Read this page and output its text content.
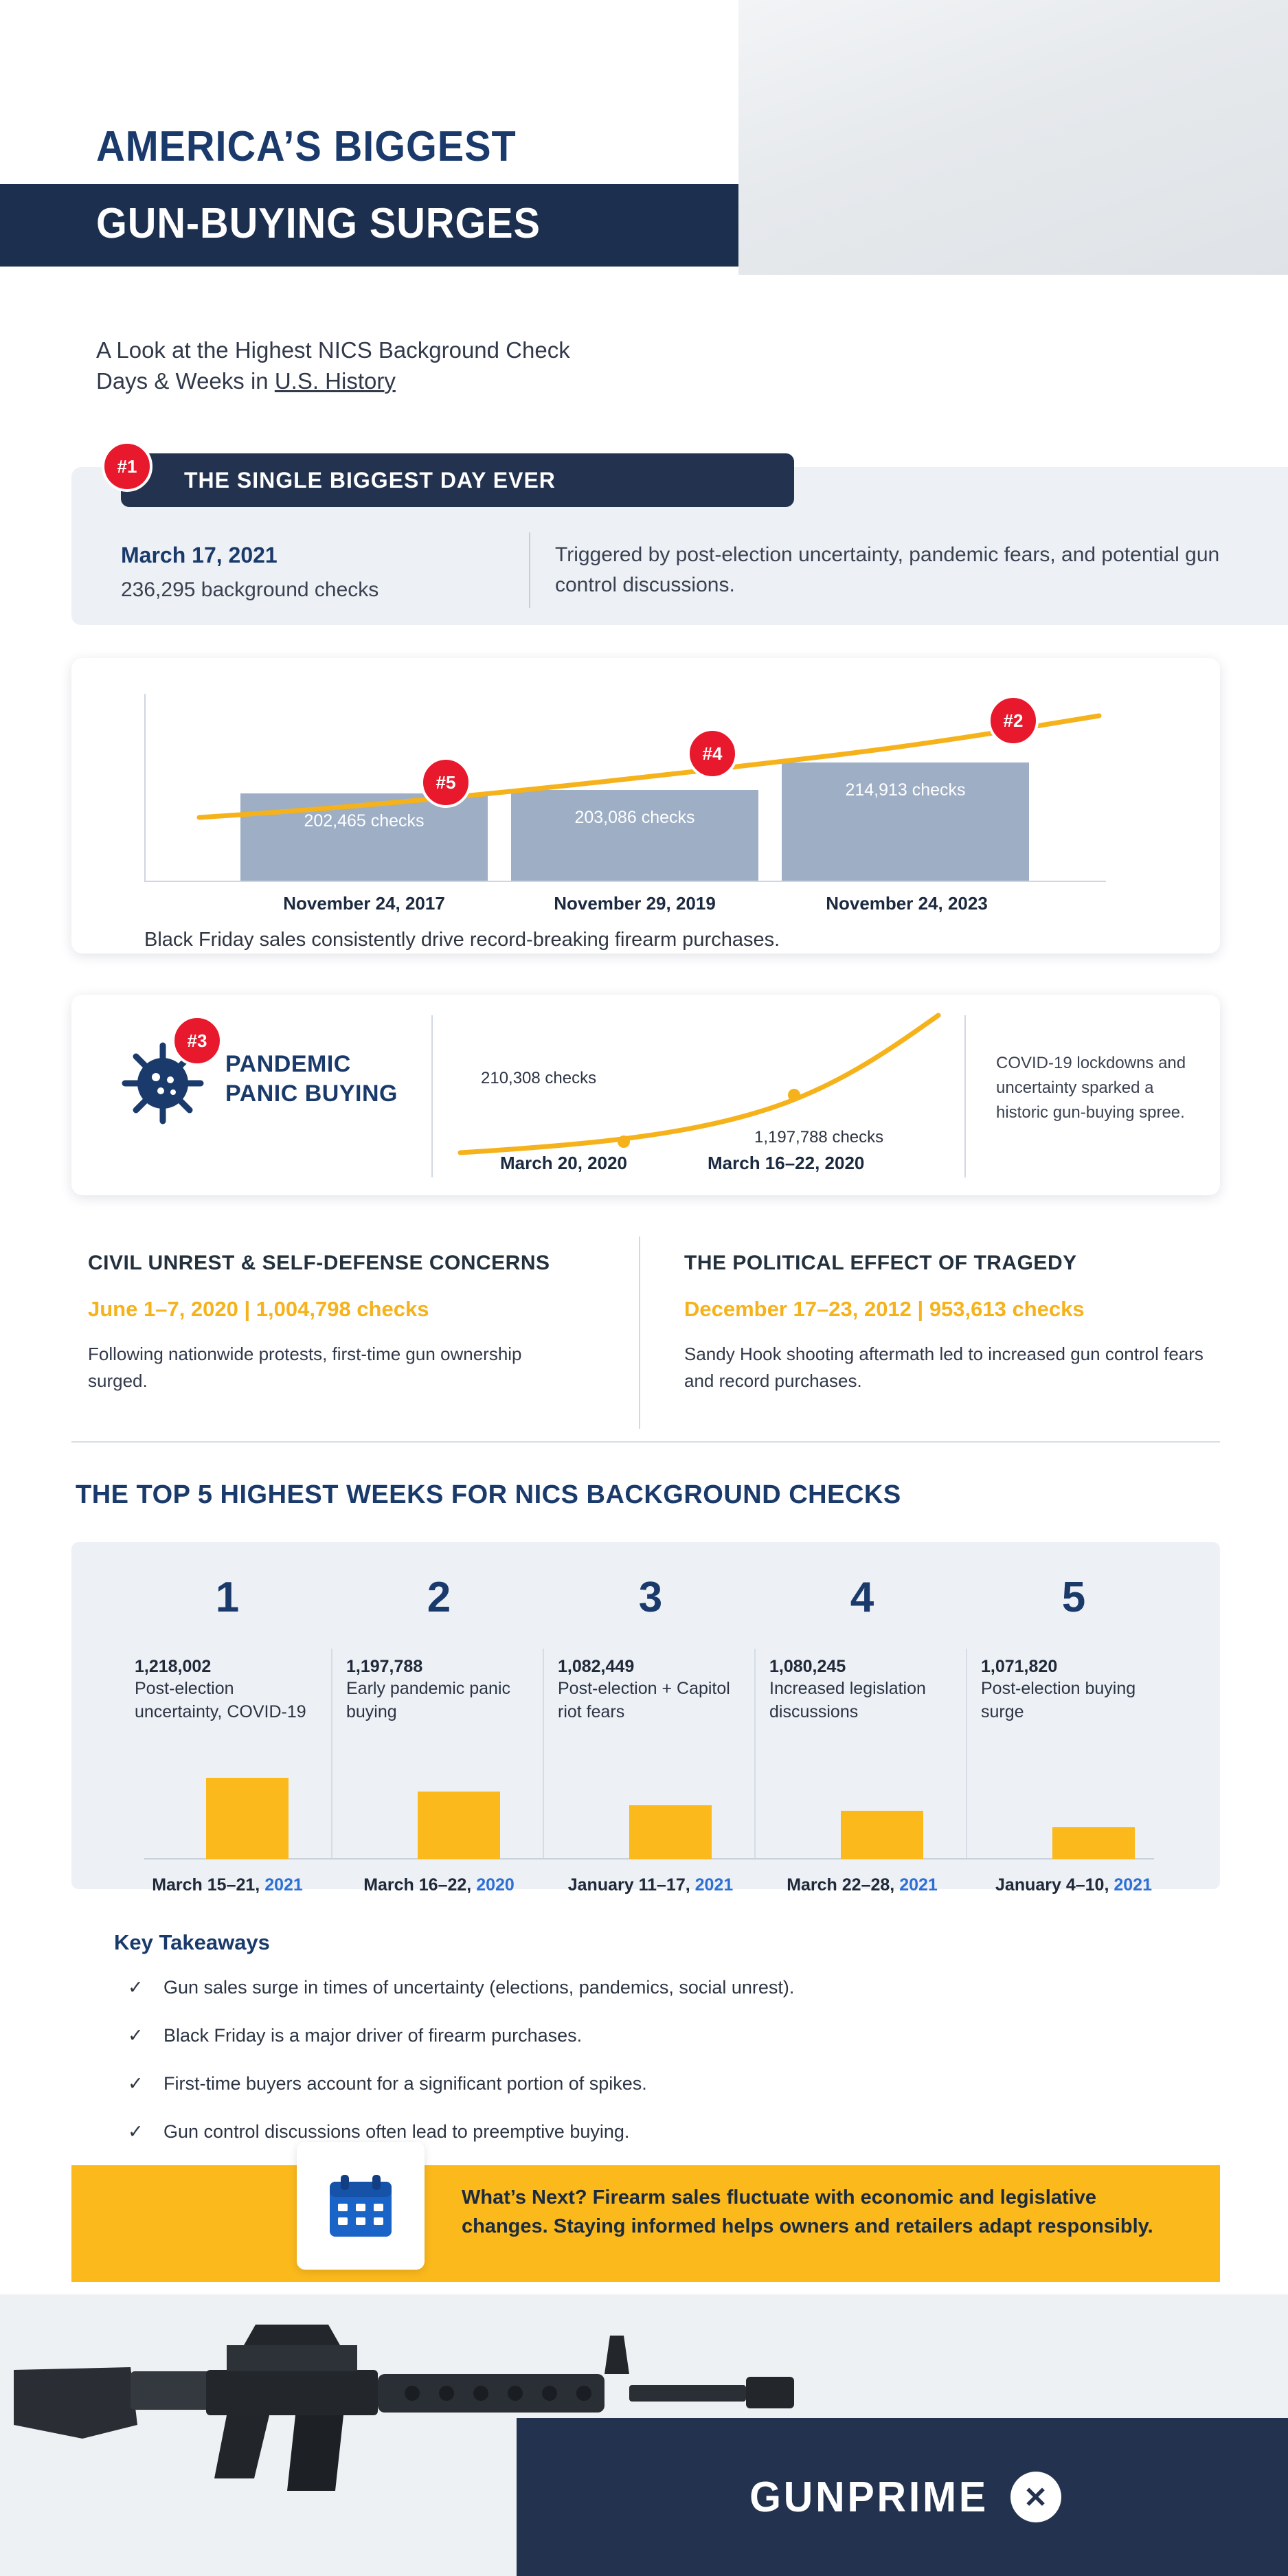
AMERICA’S BIGGEST
GUN-BUYING SURGES
A Look at the Highest NICS Background Check
Days & Weeks in U.S. History
THE SINGLE BIGGEST DAY EVER
#1
March 17, 2021
236,295 background checks
Triggered by post-election uncertainty, pandemic fears, and potential gun control discussions.
202,465 checks	203,086 checks
214,913 checks
#5
#4
#2
November 24, 2017	November 29, 2019	November 24, 2023
Black Friday sales consistently drive record-breaking firearm purchases.
#3
PANDEMIC
PANIC BUYING
210,308 checks
1,197,788 checks
March 20, 2020	March 16–22, 2020
COVID-19 lockdowns and uncertainty sparked a historic gun-buying spree.
CIVIL UNREST & SELF-DEFENSE CONCERNS
June 1–7, 2020 | 1,004,798 checks
Following nationwide protests, first-time gun ownership surged.
THE POLITICAL EFFECT OF TRAGEDY
December 17–23, 2012 | 953,613 checks
Sandy Hook shooting aftermath led to increased gun control fears and record purchases.
THE TOP 5 HIGHEST WEEKS FOR NICS BACKGROUND CHECKS
1
1,218,002
Post-election uncertainty, COVID-19
March 15–21, 2021
2
1,197,788
Early pandemic panic buying
March 16–22, 2020
3
1,082,449
Post-election + Capitol riot fears
January 11–17, 2021
4
1,080,245
Increased legislation discussions
March 22–28, 2021
5
1,071,820
Post-election buying surge
January 4–10, 2021
Key Takeaways
✓ Gun sales surge in times of uncertainty (elections, pandemics, social unrest).
✓ Black Friday is a major driver of firearm purchases.
✓ First-time buyers account for a significant portion of spikes.
✓ Gun control discussions often lead to preemptive buying.
What’s Next? Firearm sales fluctuate with economic and legislative changes. Staying informed helps owners and retailers adapt responsibly.
GUNPRIME	✕
